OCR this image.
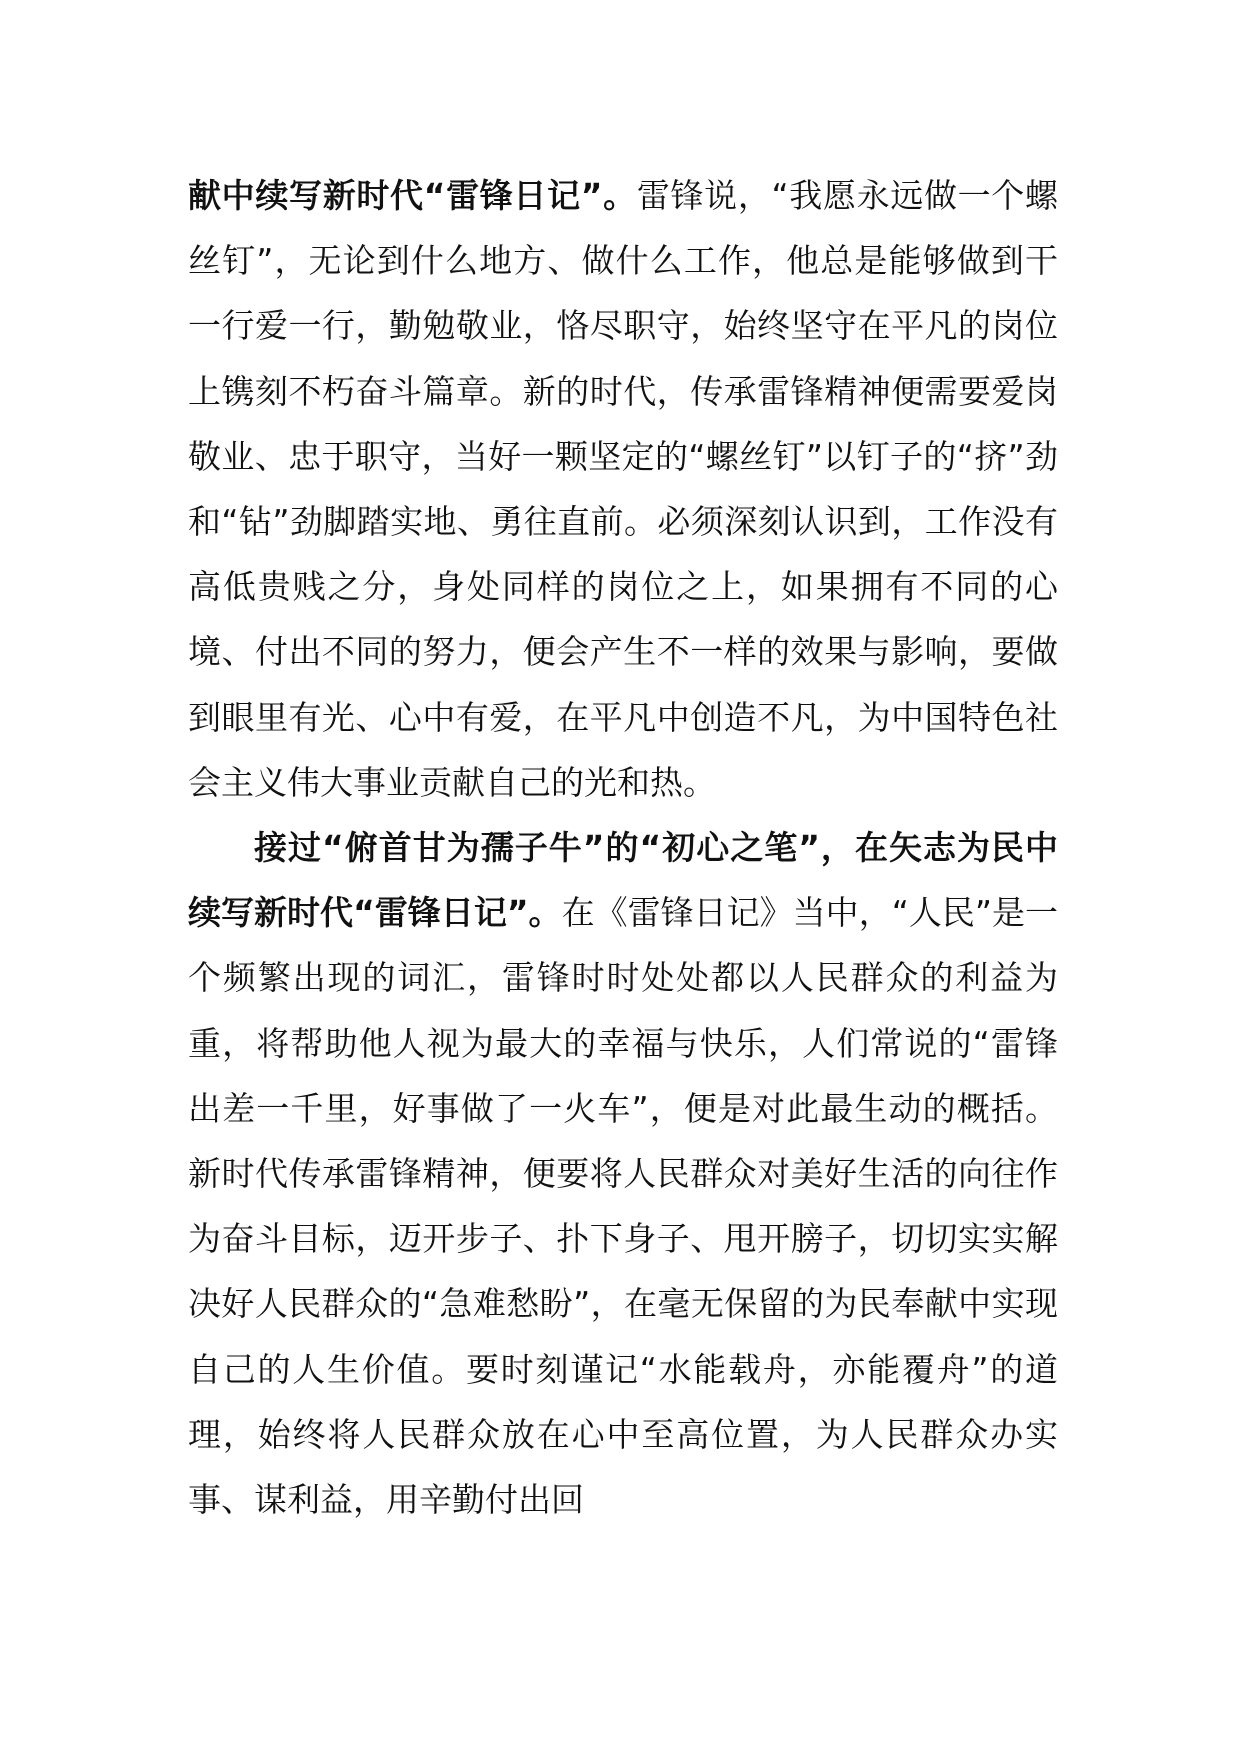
献中续写新时代“雷锋日记”。雷锋说，“我愿永远做一个螺丝钉”，无论到什么地方、做什么工作，他总是能够做到干一行爱一行，勤勉敬业，恪尽职守，始终坚守在平凡的岗位上镌刻不朽奋斗篇章。新的时代，传承雷锋精神便需要爱岗敬业、忠于职守，当好一颗坚定的“螺丝钉”以钉子的“挤”劲和“钻”劲脚踏实地、勇往直前。必须深刻认识到，工作没有高低贵贱之分，身处同样的岗位之上，如果拥有不同的心境、付出不同的努力，便会产生不一样的效果与影响，要做到眼里有光、心中有爱，在平凡中创造不凡，为中国特色社会主义伟大事业贡献自己的光和热。

接过“俯首甘为孺子牛”的“初心之笔”，在矢志为民中续写新时代“雷锋日记”。在《雷锋日记》当中，“人民”是一个频繁出现的词汇，雷锋时时处处都以人民群众的利益为重，将帮助他人视为最大的幸福与快乐，人们常说的“雷锋出差一千里，好事做了一火车”，便是对此最生动的概括。新时代传承雷锋精神，便要将人民群众对美好生活的向往作为奋斗目标，迈开步子、扑下身子、甩开膀子，切切实实解决好人民群众的“急难愁盼”，在毫无保留的为民奉献中实现自己的人生价值。要时刻谨记“水能载舟，亦能覆舟”的道理，始终将人民群众放在心中至高位置，为人民群众办实事、谋利益，用辛勤付出回
